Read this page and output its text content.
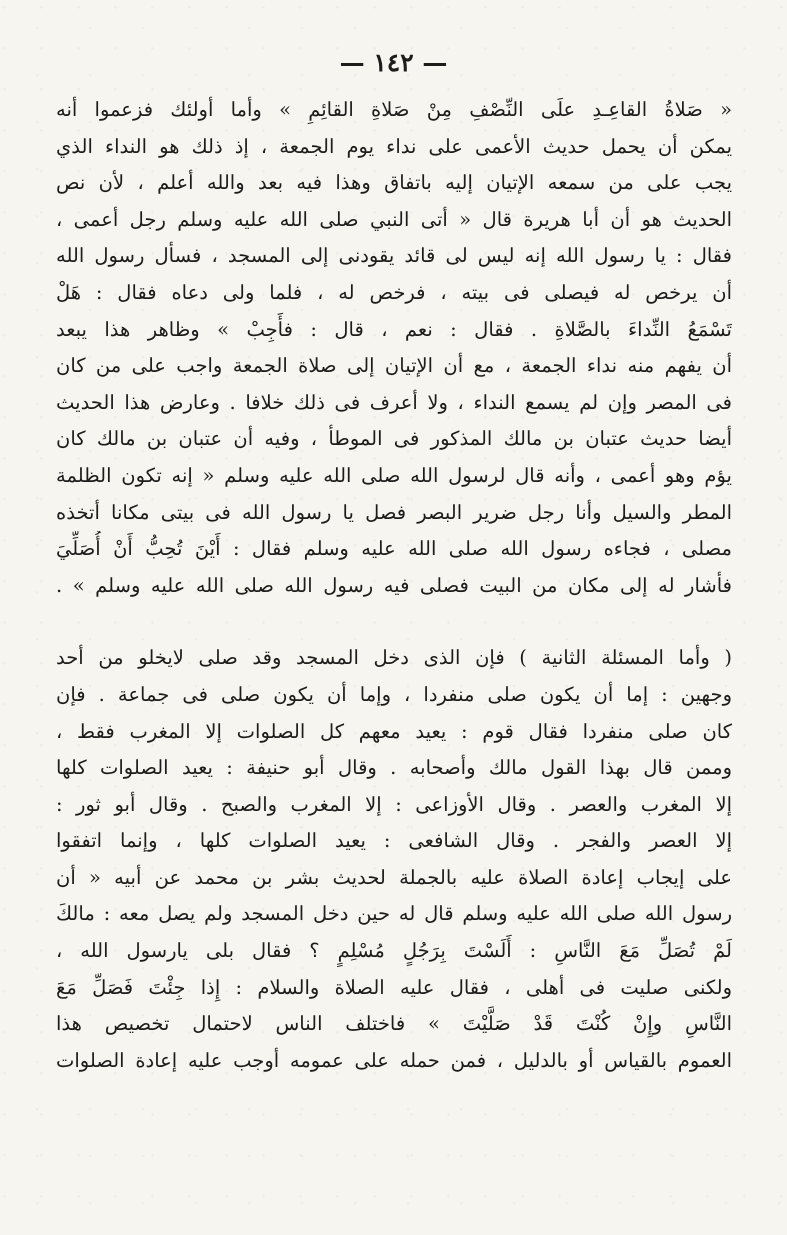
— ١٤٢ —
« صَلاةُ القاعِـدِ علَى النِّصْفِ مِنْ صَلاةِ القائِمِ » وأما أولئك فزعموا أنه
يمكن أن يحمل حديث الأعمى على نداء يوم الجمعة ، إذ ذلك هو النداء الذي
يجب على من سمعه الإتيان إليه باتفاق وهذا فيه بعد والله أعلم ، لأن نص
الحديث هو أن أبا هريرة قال « أتى النبي صلى الله عليه وسلم رجل أعمى ،
فقال : يا رسول الله إنه ليس لى قائد يقودنى إلى المسجد ، فسأل رسول الله
أن يرخص له فيصلى فى بيته ، فرخص له ، فلما ولى دعاه فقال : هَلْ
تَسْمَعُ النِّداءَ بالصَّلاةِ . فقال : نعم ، قال : فأَجِبْ » وظاهر هذا يبعد
أن يفهم منه نداء الجمعة ، مع أن الإتيان إلى صلاة الجمعة واجب على من كان
فى المصر وإن لم يسمع النداء ، ولا أعرف فى ذلك خلافا . وعارض هذا الحديث
أيضا حديث عتبان بن مالك المذكور فى الموطأ ، وفيه أن عتبان بن مالك كان
يؤم وهو أعمى ، وأنه قال لرسول الله صلى الله عليه وسلم « إنه تكون الظلمة
المطر والسيل وأنا رجل ضرير البصر فصل يا رسول الله فى بيتى مكانا أتخذه
مصلى ، فجاءه رسول الله صلى الله عليه وسلم فقال : أَيْنَ تُحِبُّ أَنْ أُصَلِّيَ
فأشار له إلى مكان من البيت فصلى فيه رسول الله صلى الله عليه وسلم » .
( وأما المسئلة الثانية ) فإن الذى دخل المسجد وقد صلى لايخلو من أحد
وجهين : إما أن يكون صلى منفردا ، وإما أن يكون صلى فى جماعة . فإن
كان صلى منفردا فقال قوم : يعيد معهم كل الصلوات إلا المغرب فقط ،
وممن قال بهذا القول مالك وأصحابه . وقال أبو حنيفة : يعيد الصلوات كلها
إلا المغرب والعصر . وقال الأوزاعى : إلا المغرب والصبح . وقال أبو ثور :
إلا العصر والفجر . وقال الشافعى : يعيد الصلوات كلها ، وإنما اتفقوا
على إيجاب إعادة الصلاة عليه بالجملة لحديث بشر بن محمد عن أبيه « أن
رسول الله صلى الله عليه وسلم قال له حين دخل المسجد ولم يصل معه : مالكَ
لَمْ تُصَلِّ مَعَ النَّاسِ : أَلَسْتَ بِرَجُلٍ مُسْلِمٍ ؟ فقال بلى يارسول الله ،
ولكنى صليت فى أهلى ، فقال عليه الصلاة والسلام : إِذا جِئْتَ فَصَلِّ مَعَ
النَّاسِ وإِنْ كُنْتَ قَدْ صَلَّيْتَ » فاختلف الناس لاحتمال تخصيص هذا
العموم بالقياس أو بالدليل ، فمن حمله على عمومه أوجب عليه إعادة الصلوات
